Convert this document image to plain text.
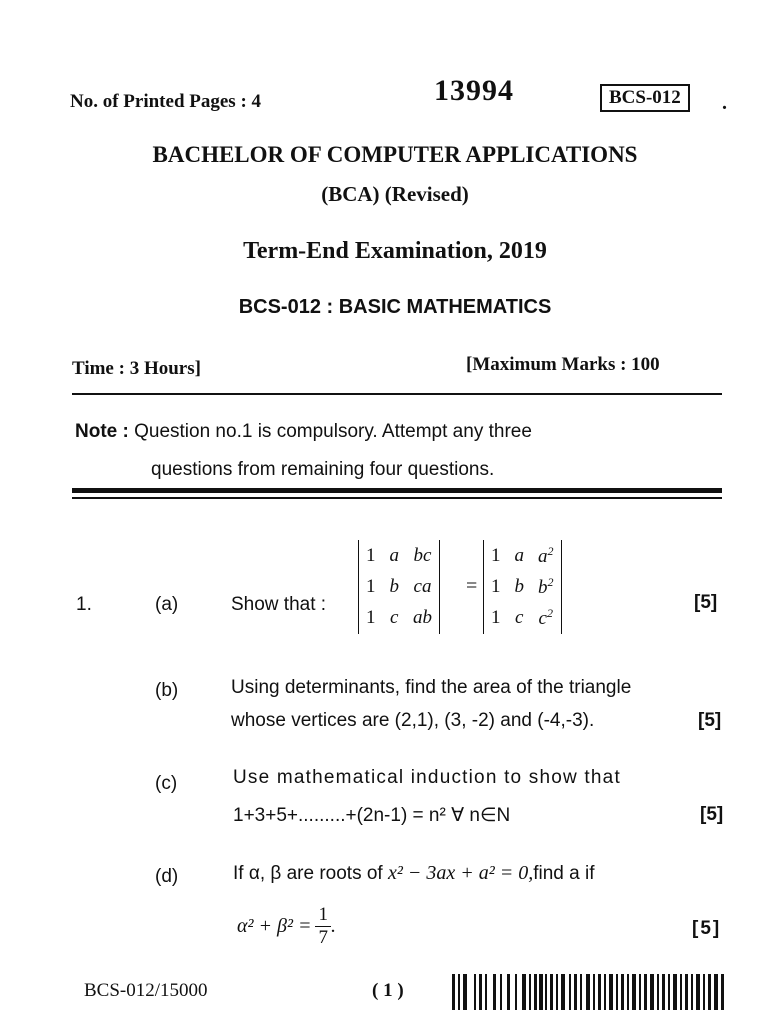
No. of Printed Pages : 4	13994	BCS-012	.
BACHELOR OF COMPUTER APPLICATIONS
(BCA) (Revised)
Term-End Examination, 2019
BCS-012 : BASIC MATHEMATICS
Time : 3 Hours]	[Maximum Marks : 100
Note : Question no.1 is compulsory. Attempt any three
questions from remaining four questions.
1.	(a)	Show that :
1	a	bc
1	b	ca
1	c	ab
=
1	a	$a^2$
1	b	$b^2$
1	c	$c^2$	[5]
(b)	Using determinants, find the area of the triangle
whose vertices are (2,1), (3, -2) and (-4,-3).	[5]
(c)	Use mathematical induction to show that
1+3+5+.........+(2n-1) = n² ∀ n∈N	[5]
(d)	If α, β are roots of x² − 3ax + a² = 0,find a if
$\alpha^2 + \beta^2 = \frac{1}{7}$ .	[5]
BCS-012/15000	( 1 )
